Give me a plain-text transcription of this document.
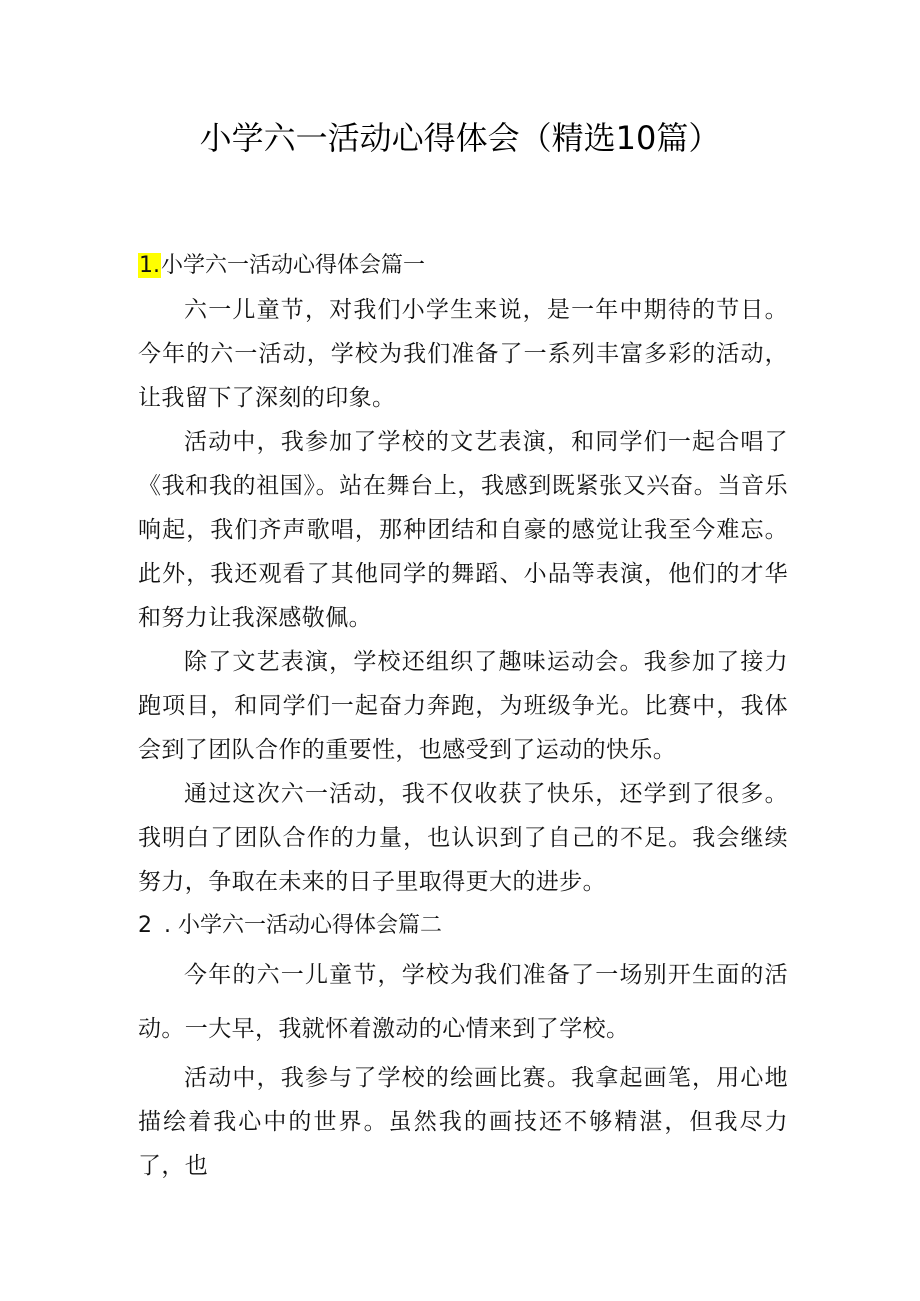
小学六一活动心得体会（精选10篇）
1.小学六一活动心得体会篇一

六一儿童节，对我们小学生来说，是一年中期待的节日。今年的六一活动，学校为我们准备了一系列丰富多彩的活动，让我留下了深刻的印象。

活动中，我参加了学校的文艺表演，和同学们一起合唱了《我和我的祖国》。站在舞台上，我感到既紧张又兴奋。当音乐响起，我们齐声歌唱，那种团结和自豪的感觉让我至今难忘。此外，我还观看了其他同学的舞蹈、小品等表演，他们的才华和努力让我深感敬佩。

除了文艺表演，学校还组织了趣味运动会。我参加了接力跑项目，和同学们一起奋力奔跑，为班级争光。比赛中，我体会到了团队合作的重要性，也感受到了运动的快乐。

通过这次六一活动，我不仅收获了快乐，还学到了很多。我明白了团队合作的力量，也认识到了自己的不足。我会继续努力，争取在未来的日子里取得更大的进步。

2 . 小学六一活动心得体会篇二

今年的六一儿童节，学校为我们准备了一场别开生面的活动。一大早，我就怀着激动的心情来到了学校。

活动中，我参与了学校的绘画比赛。我拿起画笔，用心地描绘着我心中的世界。虽然我的画技还不够精湛，但我尽力了，也
